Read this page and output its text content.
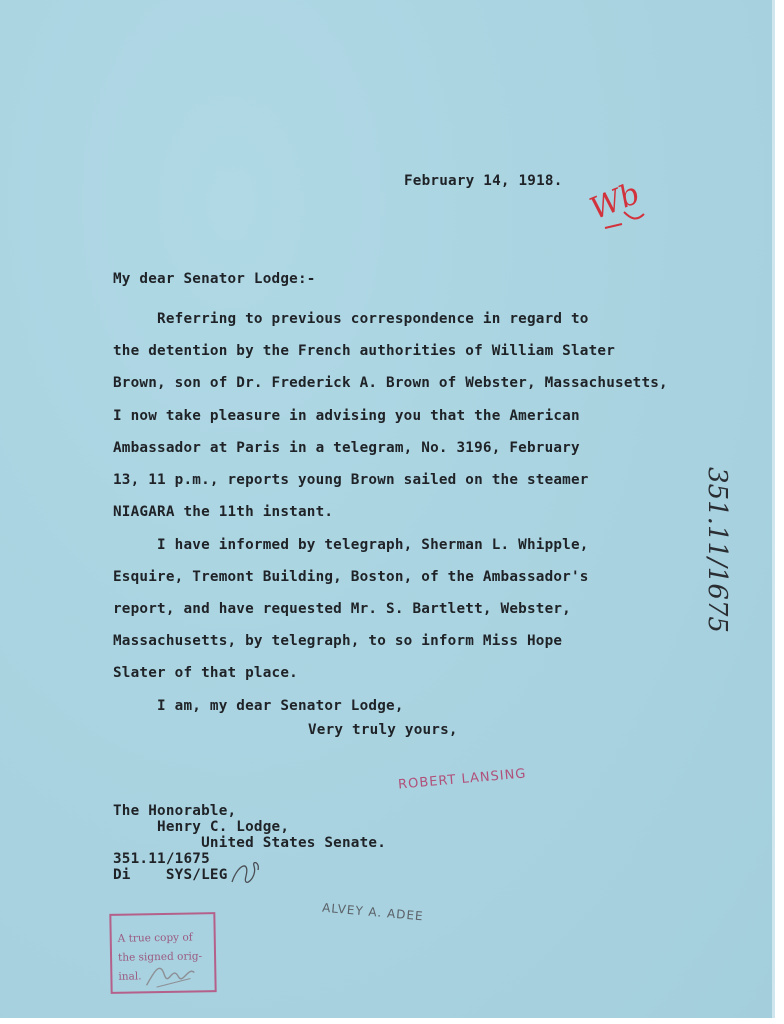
February 14, 1918. Wb
My dear Senator Lodge:-

Referring to previous correspondence in regard to

the detention by the French authorities of William Slater

Brown, son of Dr. Frederick A. Brown of Webster, Massachusetts,

I now take pleasure in advising you that the American

Ambassador at Paris in a telegram, No. 3196, February

13, 11 p.m., reports young Brown sailed on the steamer

NIAGARA the 11th instant.

I have informed by telegraph, Sherman L. Whipple,

Esquire, Tremont Building, Boston, of the Ambassador's

report, and have requested Mr. S. Bartlett, Webster,

Massachusetts, by telegraph, to so inform Miss Hope

Slater of that place.

I am, my dear Senator Lodge,

Very truly yours,
ROBERT LANSING

The Honorable,

Henry C. Lodge,

United States Senate.

351.11/1675

Di    SYS/LEG

ALVEY A. ADEE
A true copy of
the signed orig-
inal.
351.11/1675
